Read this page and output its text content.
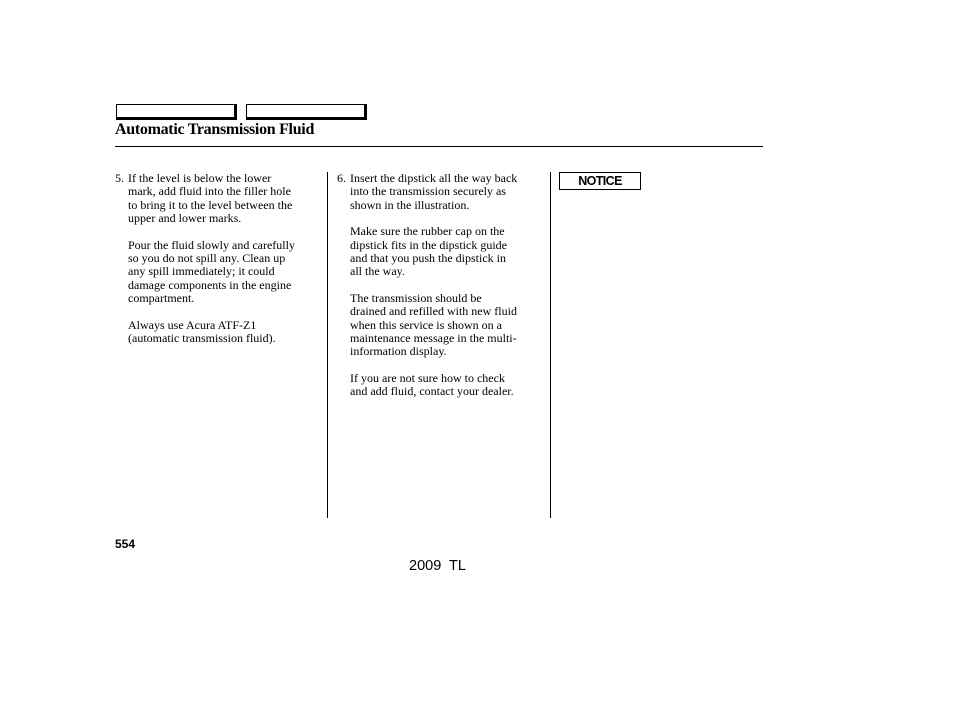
Automatic Transmission Fluid
5. If the level is below the lower
mark, add fluid into the filler hole
to bring it to the level between the
upper and lower marks.
Pour the fluid slowly and carefully
so you do not spill any. Clean up
any spill immediately; it could
damage components in the engine
compartment.
Always use Acura ATF-Z1
(automatic transmission fluid).
6. Insert the dipstick all the way back
into the transmission securely as
shown in the illustration.
Make sure the rubber cap on the
dipstick fits in the dipstick guide
and that you push the dipstick in
all the way.
The transmission should be
drained and refilled with new fluid
when this service is shown on a
maintenance message in the multi-
information display.
If you are not sure how to check
and add fluid, contact your dealer.
NOTICE
554
2009  TL
